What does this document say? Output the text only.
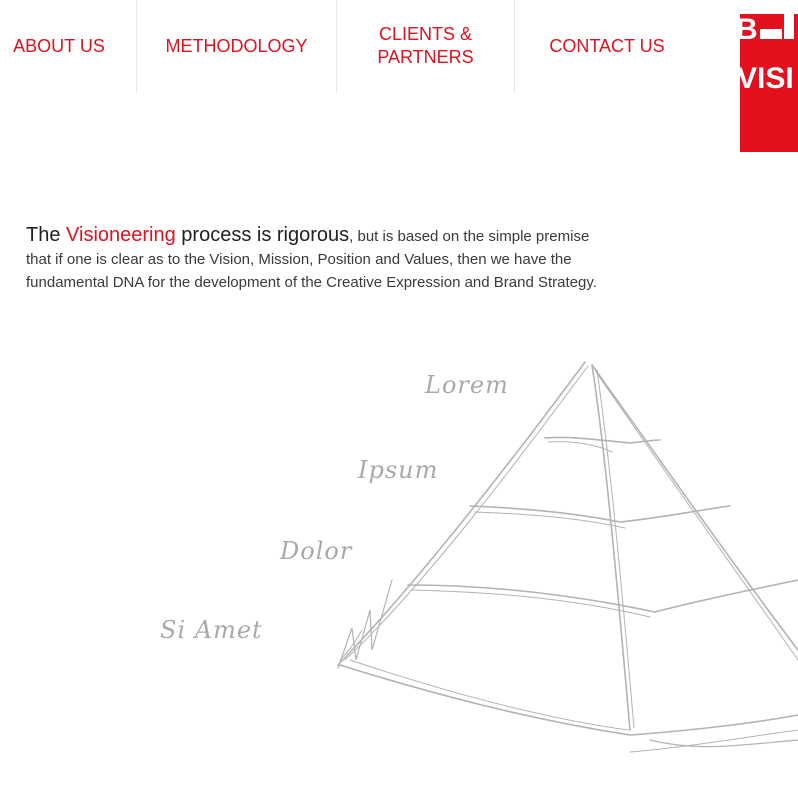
ABOUT US	METHODOLOGY
CLIENTS &
PARTNERS
CONTACT US B
VISI
The Visioneering process is rigorous, but is based on the simple premise that if one is clear as to the Vision, Mission, Position and Values, then we have the fundamental DNA for the development of the Creative Expression and Brand Strategy.
Lorem
Ipsum
Dolor
Si Amet
